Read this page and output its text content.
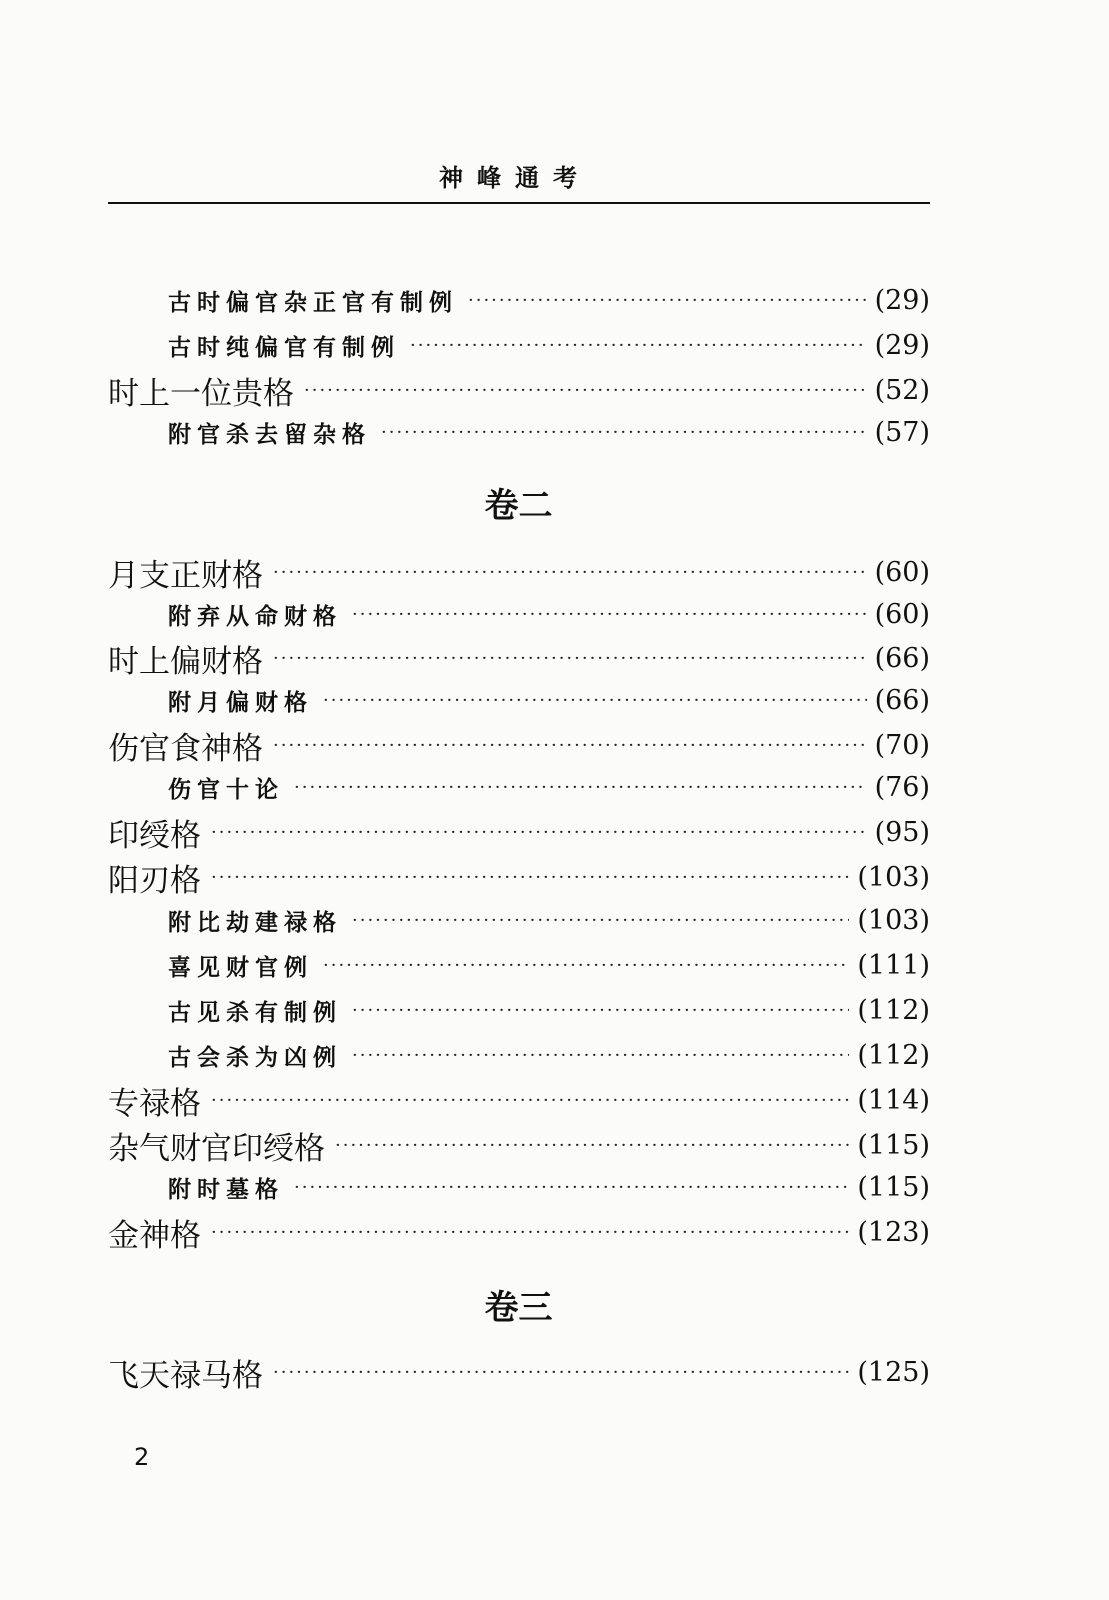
神峰通考
古时偏官杂正官有制例 ·····	(29)
古时纯偏官有制例 ·····	(29)
时上一位贵格 ·····	(52)
附官杀去留杂格 ·····	(57)
卷二
月支正财格 ·····	(60)
附弃从命财格 ·····	(60)
时上偏财格 ·····	(66)
附月偏财格 ·····	(66)
伤官食神格 ·····	(70)
伤官十论 ·····	(76)
印绶格 ·····	(95)
阳刃格 ·····	(103)
附比劫建禄格 ·····	(103)
喜见财官例 ·····	(111)
古见杀有制例 ·····	(112)
古会杀为凶例 ·····	(112)
专禄格 ·····	(114)
杂气财官印绶格 ·····	(115)
附时墓格 ·····	(115)
金神格 ·····	(123)
卷三
飞天禄马格 ·····	(125)
2
